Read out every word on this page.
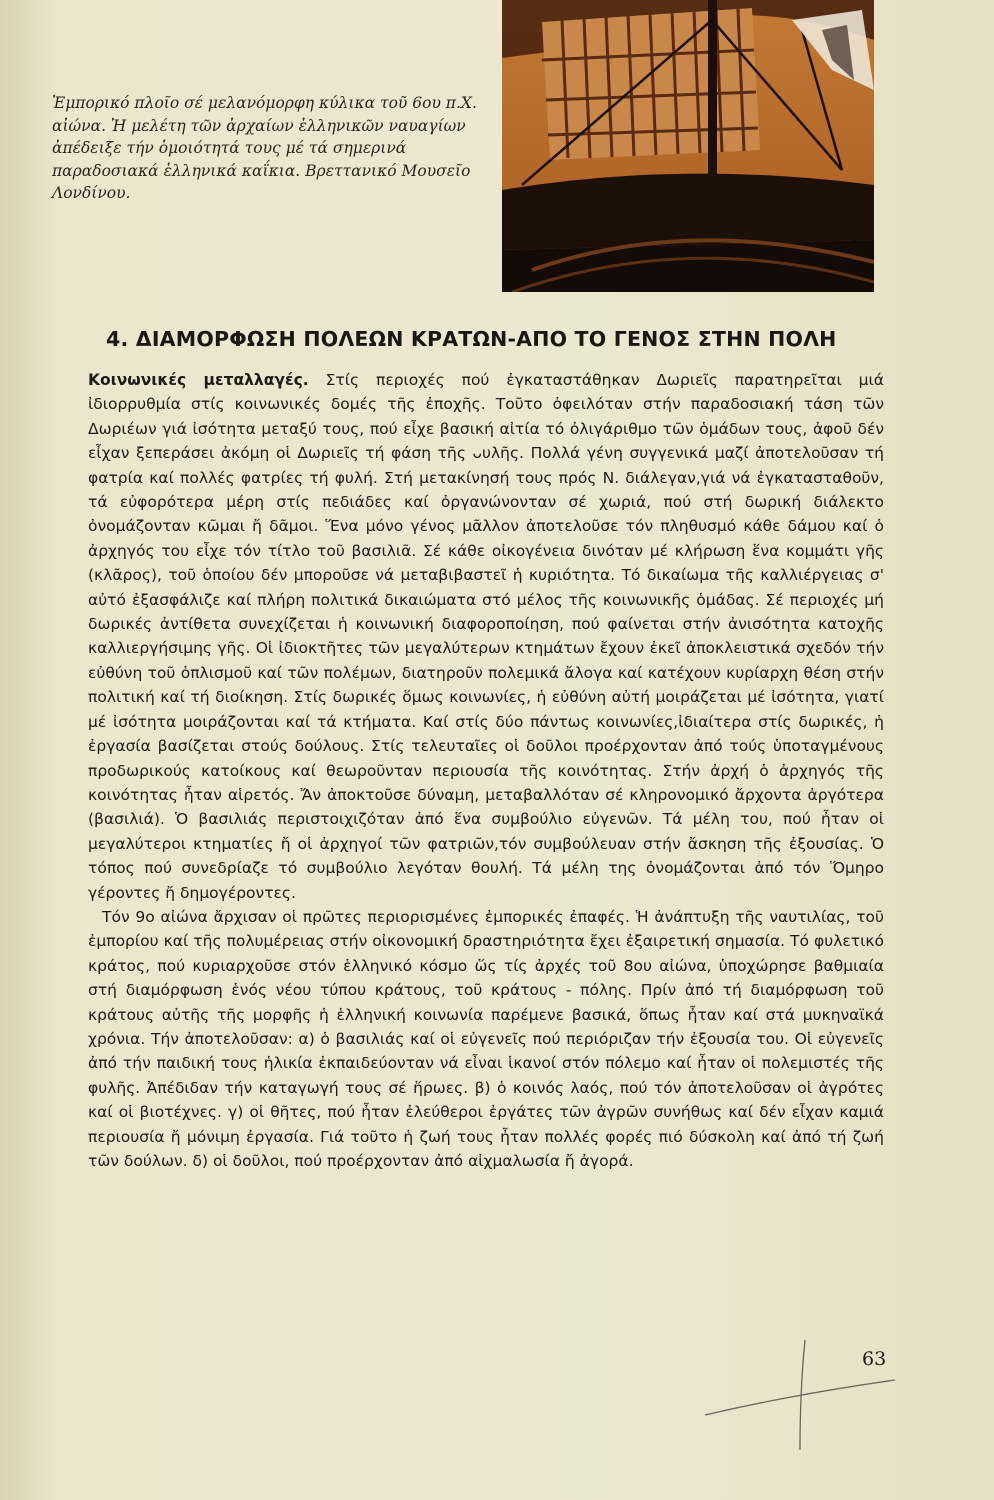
Ἐμπορικό πλοῖο σέ μελανόμορφη κύλικα τοῦ 6ου π.Χ. αἰώνα. Ἡ μελέτη τῶν ἀρχαίων ἑλληνικῶν ναυαγίων ἀπέδειξε τήν ὁμοιότητά τους μέ τά σημερινά παραδοσιακά ἑλληνικά καΐκια. Βρεττανικό Μουσεῖο Λονδίνου.
4. ΔΙΑΜΟΡΦΩΣΗ ΠΟΛΕΩΝ ΚΡΑΤΩΝ-ΑΠΟ ΤΟ ΓΕΝΟΣ ΣΤΗΝ ΠΟΛΗ

Κοινωνικές μεταλλαγές. Στίς περιοχές πού ἐγκαταστάθηκαν Δωριεῖς παρατηρεῖται μιά ἰδιορρυθμία στίς κοινωνικές δομές τῆς ἐποχῆς. Τοῦτο ὀφειλόταν στήν παραδοσιακή τάση τῶν Δωριέων γιά ἰσότητα μεταξύ τους, πού εἶχε βασική αἰτία τό ὀλιγάριθμο τῶν ὁμάδων τους, ἀφοῦ δέν εἶχαν ξεπεράσει ἀκόμη οἱ Δωριεῖς τή φάση τῆς ᴗυλῆς. Πολλά γένη συγγενικά μαζί ἀποτελοῦσαν τή φατρία καί πολλές φατρίες τή φυλή. Στή μετακίνησή τους πρός Ν. διάλεγαν,γιά νά ἐγκατασταθοῦν, τά εὐφορότερα μέρη στίς πεδιάδες καί ὀργανώνονταν σέ χωριά, πού στή δωρική διάλεκτο ὀνομάζονταν κῶμαι ἤ δᾶμοι. Ἕνα μόνο γένος μᾶλλον ἀποτελοῦσε τόν πληθυσμό κάθε δάμου καί ὁ ἀρχηγός του εἶχε τόν τίτλο τοῦ βασιλιᾶ. Σέ κάθε οἰκογένεια δινόταν μέ κλήρωση ἕνα κομμάτι γῆς (κλᾶρος), τοῦ ὁποίου δέν μποροῦσε νά μεταβιβαστεῖ ἡ κυριότητα. Τό δικαίωμα τῆς καλλιέργειας σ' αὐτό ἐξασφάλιζε καί πλήρη πολιτικά δικαιώματα στό μέλος τῆς κοινωνικῆς ὁμάδας. Σέ περιοχές μή δωρικές ἀντίθετα συνεχίζεται ἡ κοινωνική διαφοροποίηση, πού φαίνεται στήν ἀνισότητα κατοχῆς καλλιεργήσιμης γῆς. Οἱ ἰδιοκτῆτες τῶν μεγαλύτερων κτημάτων ἔχουν ἐκεῖ ἀποκλειστικά σχεδόν τήν εὐθύνη τοῦ ὁπλισμοῦ καί τῶν πολέμων, διατηροῦν πολεμικά ἄλογα καί κατέχουν κυρίαρχη θέση στήν πολιτική καί τή διοίκηση. Στίς δωρικές ὅμως κοινωνίες, ἡ εὐθύνη αὐτή μοιράζεται μέ ἰσότητα, γιατί μέ ἰσότητα μοιράζονται καί τά κτήματα. Καί στίς δύο πάντως κοινωνίες,ἰδιαίτερα στίς δωρικές, ἡ ἐργασία βασίζεται στούς δούλους. Στίς τελευταῖες οἱ δοῦλοι προέρχονταν ἀπό τούς ὑποταγμένους προδωρικούς κατοίκους καί θεωροῦνταν περιουσία τῆς κοινότητας. Στήν ἀρχή ὁ ἀρχηγός τῆς κοινότητας ἦταν αἱρετός. Ἄν ἀποκτοῦσε δύναμη, μεταβαλλόταν σέ κληρονομικό ἄρχοντα ἀργότερα (βασιλιά). Ὁ βασιλιάς περιστοιχιζόταν ἀπό ἕνα συμβούλιο εὐγενῶν. Τά μέλη του, πού ἦταν οἱ μεγαλύτεροι κτηματίες ἤ οἱ ἀρχηγοί τῶν φατριῶν,τόν συμβούλευαν στήν ἄσκηση τῆς ἐξουσίας. Ὁ τόπος πού συνεδρίαζε τό συμβούλιο λεγόταν θουλή. Τά μέλη της ὀνομάζονται ἀπό τόν Ὅμηρο γέροντες ἤ δημογέροντες.

Τόν 9ο αἰώνα ἄρχισαν οἱ πρῶτες περιορισμένες ἐμπορικές ἐπαφές. Ἡ ἀνάπτυξη τῆς ναυτιλίας, τοῦ ἐμπορίου καί τῆς πολυμέρειας στήν οἰκονομική δραστηριότητα ἔχει ἐξαιρετική σημασία. Τό φυλετικό κράτος, πού κυριαρχοῦσε στόν ἑλληνικό κόσμο ὥς τίς ἀρχές τοῦ 8ου αἰώνα, ὑποχώρησε βαθμιαία στή διαμόρφωση ἑνός νέου τύπου κράτους, τοῦ κράτους - πόλης. Πρίν ἀπό τή διαμόρφωση τοῦ κράτους αὐτῆς τῆς μορφῆς ἡ ἑλληνική κοινωνία παρέμενε βασικά, ὅπως ἦταν καί στά μυκηναϊκά χρόνια. Τήν ἀποτελοῦσαν: α) ὁ βασιλιάς καί οἱ εὐγενεῖς πού περιόριζαν τήν ἐξουσία του. Οἱ εὐγενεῖς ἀπό τήν παιδική τους ἡλικία ἐκπαιδεύονταν νά εἶναι ἱκανοί στόν πόλεμο καί ἦταν οἱ πολεμιστές τῆς φυλῆς. Ἀπέδιδαν τήν καταγωγή τους σέ ἥρωες. β) ὁ κοινός λαός, πού τόν ἀποτελοῦσαν οἱ ἀγρότες καί οἱ βιοτέχνες. γ) οἱ θῆτες, πού ἦταν ἐλεύθεροι ἐργάτες τῶν ἀγρῶν συνήθως καί δέν εἶχαν καμιά περιουσία ἤ μόνιμη ἐργασία. Γιά τοῦτο ἡ ζωή τους ἦταν πολλές φορές πιό δύσκολη καί ἀπό τή ζωή τῶν δούλων. δ) οἱ δοῦλοι, πού προέρχονταν ἀπό αἰχμαλωσία ἤ ἀγορά.

63
